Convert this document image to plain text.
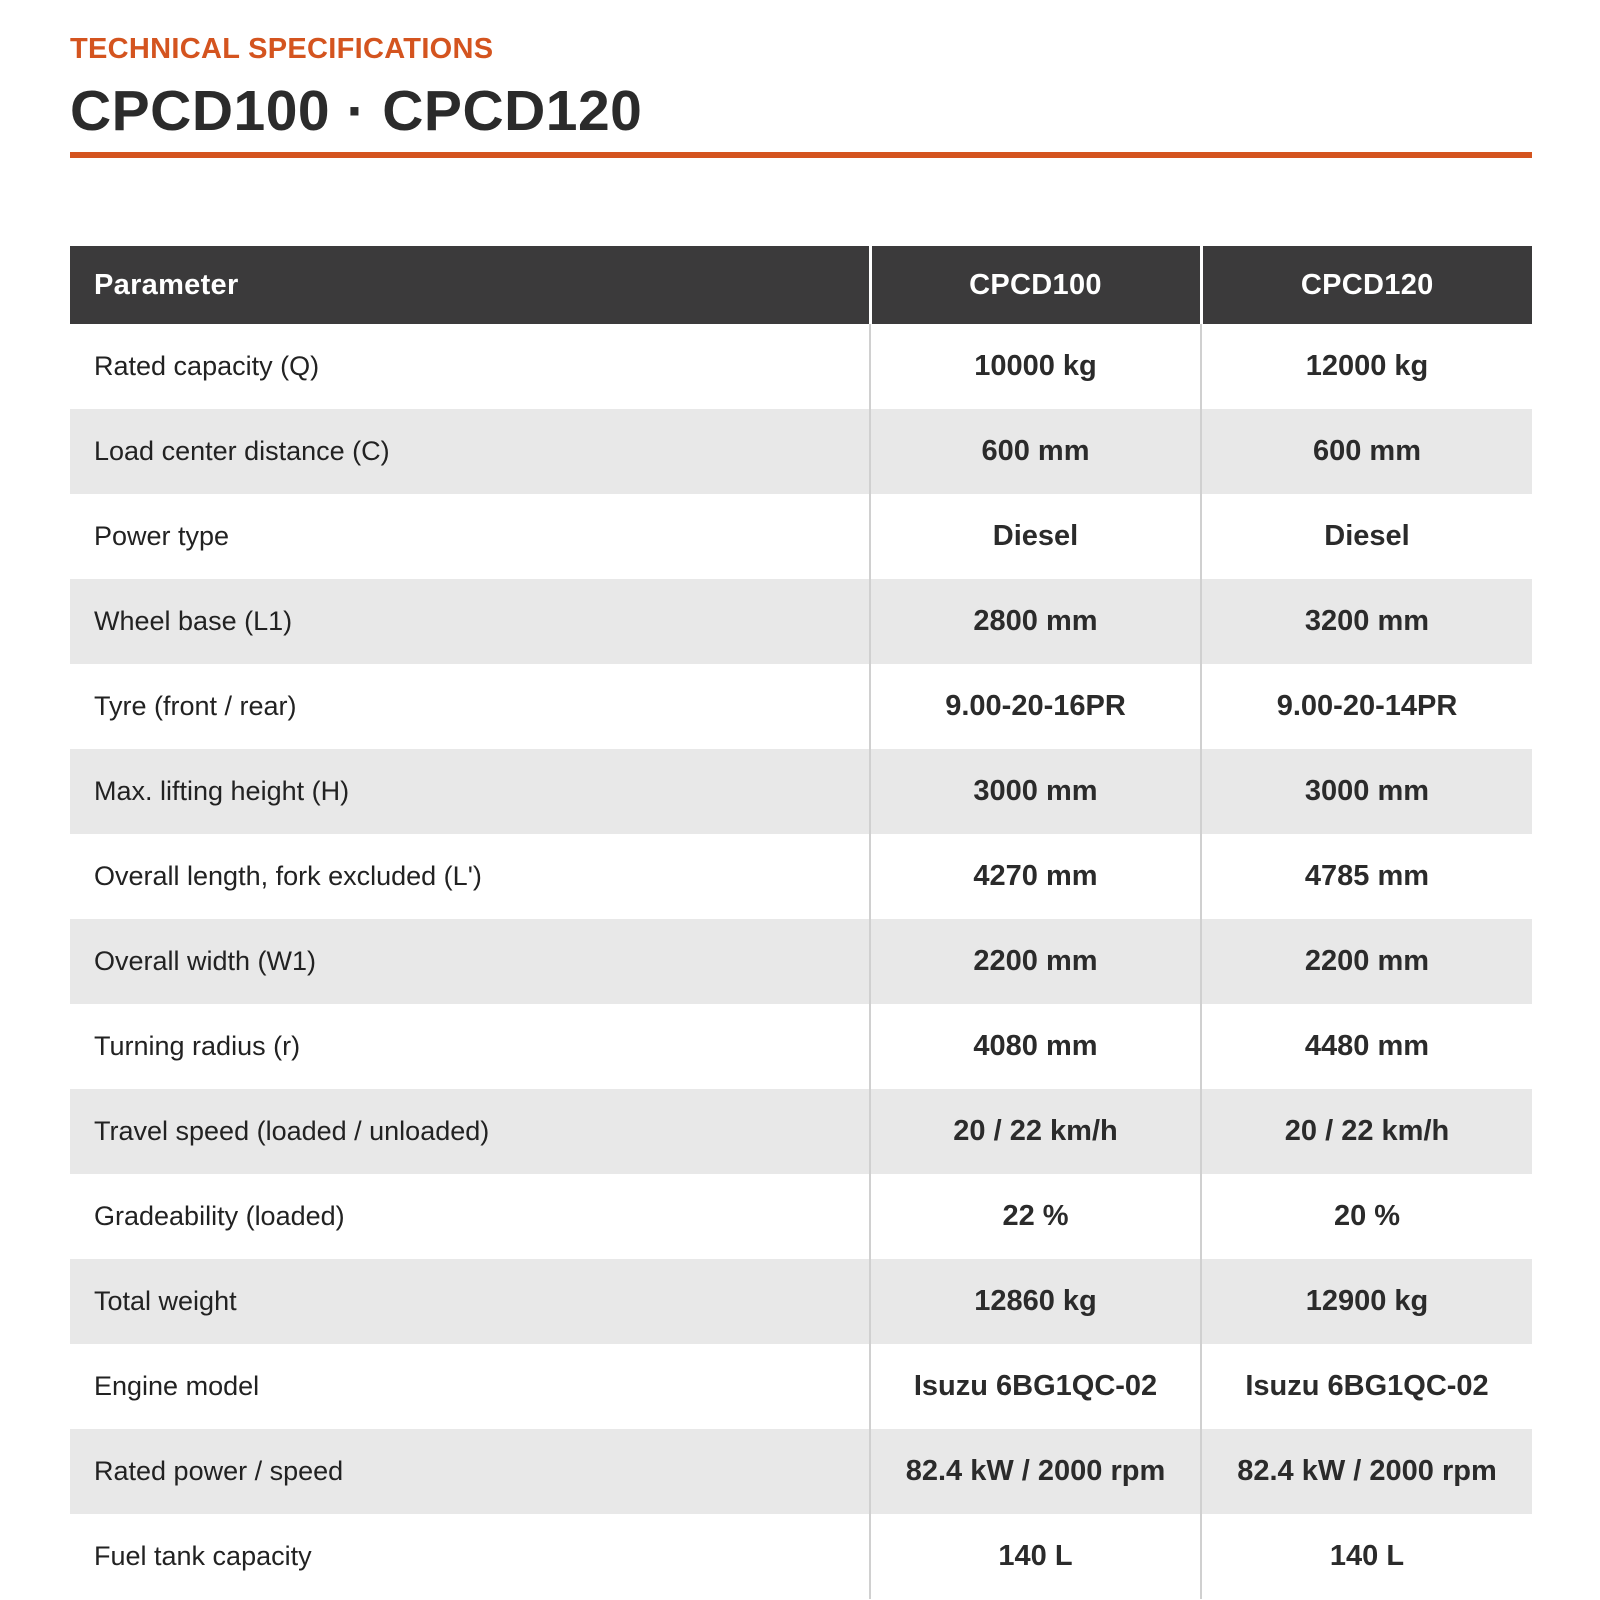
TECHNICAL SPECIFICATIONS
CPCD100 · CPCD120
Parameter	CPCD100	CPCD120
Rated capacity (Q)	10000 kg	12000 kg
Load center distance (C)	600 mm	600 mm
Power type	Diesel	Diesel
Wheel base (L1)	2800 mm	3200 mm
Tyre (front / rear)	9.00-20-16PR	9.00-20-14PR
Max. lifting height (H)	3000 mm	3000 mm
Overall length, fork excluded (L')	4270 mm	4785 mm
Overall width (W1)	2200 mm	2200 mm
Turning radius (r)	4080 mm	4480 mm
Travel speed (loaded / unloaded)	20 / 22 km/h	20 / 22 km/h
Gradeability (loaded)	22 %	20 %
Total weight	12860 kg	12900 kg
Engine model	Isuzu 6BG1QC-02	Isuzu 6BG1QC-02
Rated power / speed	82.4 kW / 2000 rpm	82.4 kW / 2000 rpm
Fuel tank capacity	140 L	140 L
